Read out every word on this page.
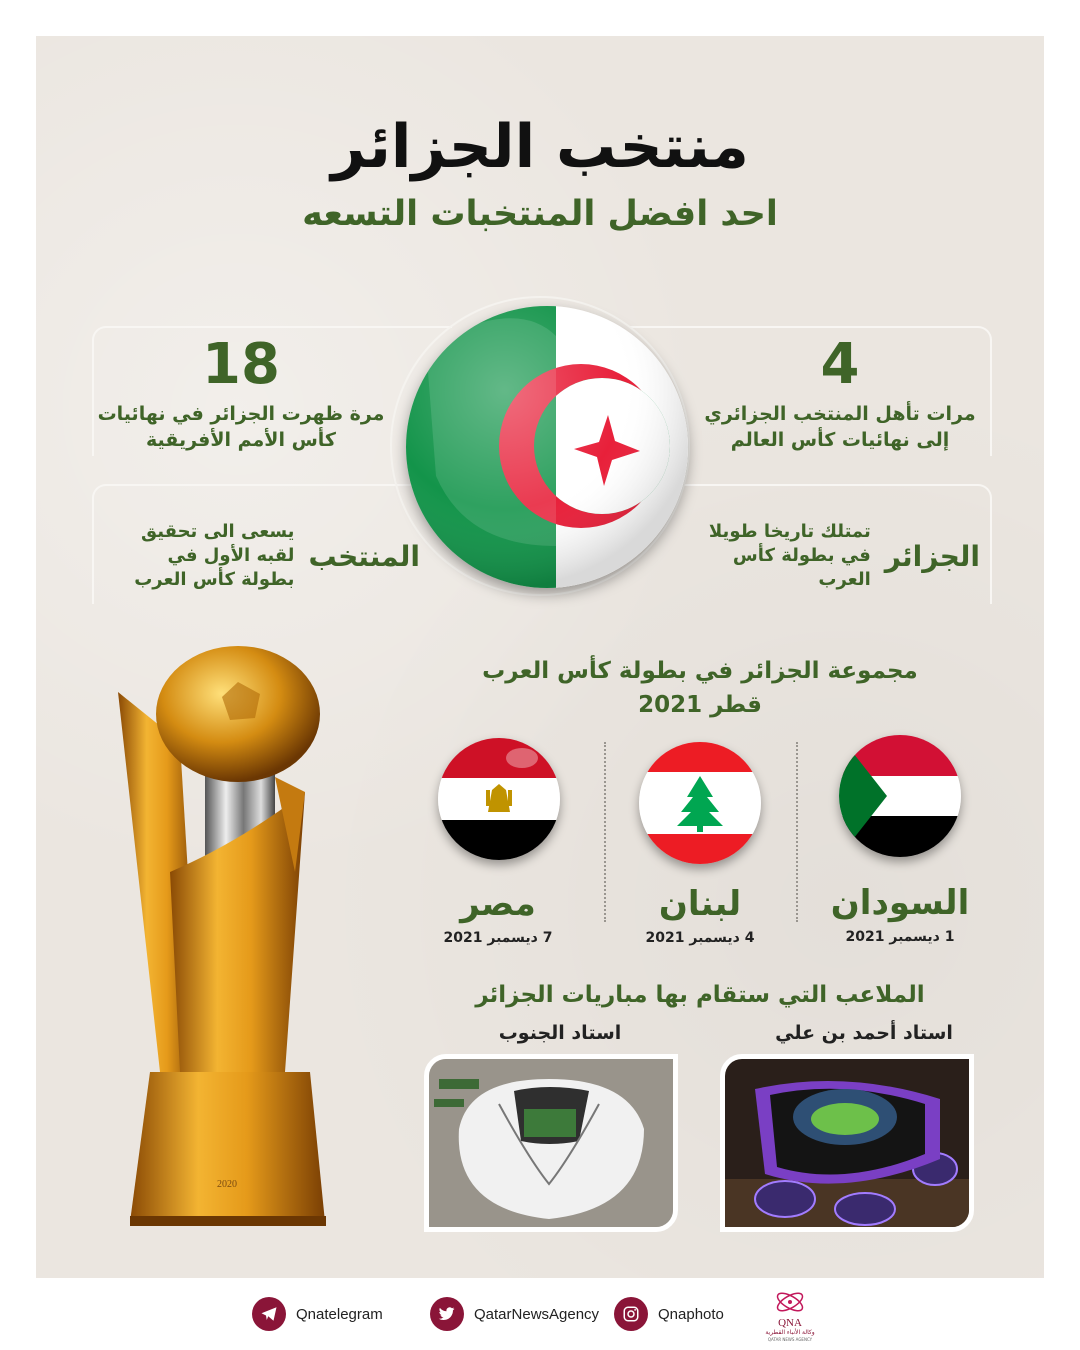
منتخب الجزائر
احد افضل المنتخبات التسعه
18
مرة ظهرت الجزائر في نهائيات
كأس الأمم الأفريقية
4
مرات تأهل المنتخب الجزائري
إلى نهائيات كأس العالم
المنتخب
يسعى الى تحقيق
لقبه الأول في
بطولة كأس العرب
الجزائر
تمتلك تاريخا طويلا
في بطولة كأس
العرب
2020
مجموعة الجزائر في بطولة كأس العرب
قطر 2021
السودان
1 ديسمبر 2021
لبنان
4 ديسمبر 2021
مصر
7 ديسمبر 2021
الملاعب التي ستقام بها مباريات الجزائر
استاد أحمد بن علي
استاد الجنوب
Qnatelegram	QatarNewsAgency	Qnaphoto
QNA
وكالة الأنباء القطرية
QATAR NEWS AGENCY
